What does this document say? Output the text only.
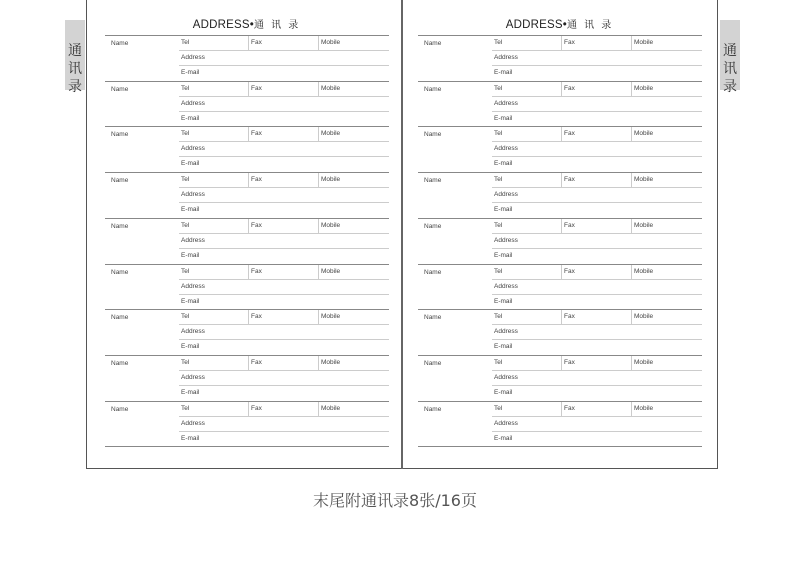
通
讯
录
通
讯
录
ADDRESS•通 讯 录
Name	Tel	Fax	Mobile
Address
E-mail
Name	Tel	Fax	Mobile
Address
E-mail
Name	Tel	Fax	Mobile
Address
E-mail
Name	Tel	Fax	Mobile
Address
E-mail
Name	Tel	Fax	Mobile
Address
E-mail
Name	Tel	Fax	Mobile
Address
E-mail
Name	Tel	Fax	Mobile
Address
E-mail
Name	Tel	Fax	Mobile
Address
E-mail
Name	Tel	Fax	Mobile
Address
E-mail
ADDRESS•通 讯 录
Name	Tel	Fax	Mobile
Address
E-mail
Name	Tel	Fax	Mobile
Address
E-mail
Name	Tel	Fax	Mobile
Address
E-mail
Name	Tel	Fax	Mobile
Address
E-mail
Name	Tel	Fax	Mobile
Address
E-mail
Name	Tel	Fax	Mobile
Address
E-mail
Name	Tel	Fax	Mobile
Address
E-mail
Name	Tel	Fax	Mobile
Address
E-mail
Name	Tel	Fax	Mobile
Address
E-mail
末尾附通讯录8张/16页
